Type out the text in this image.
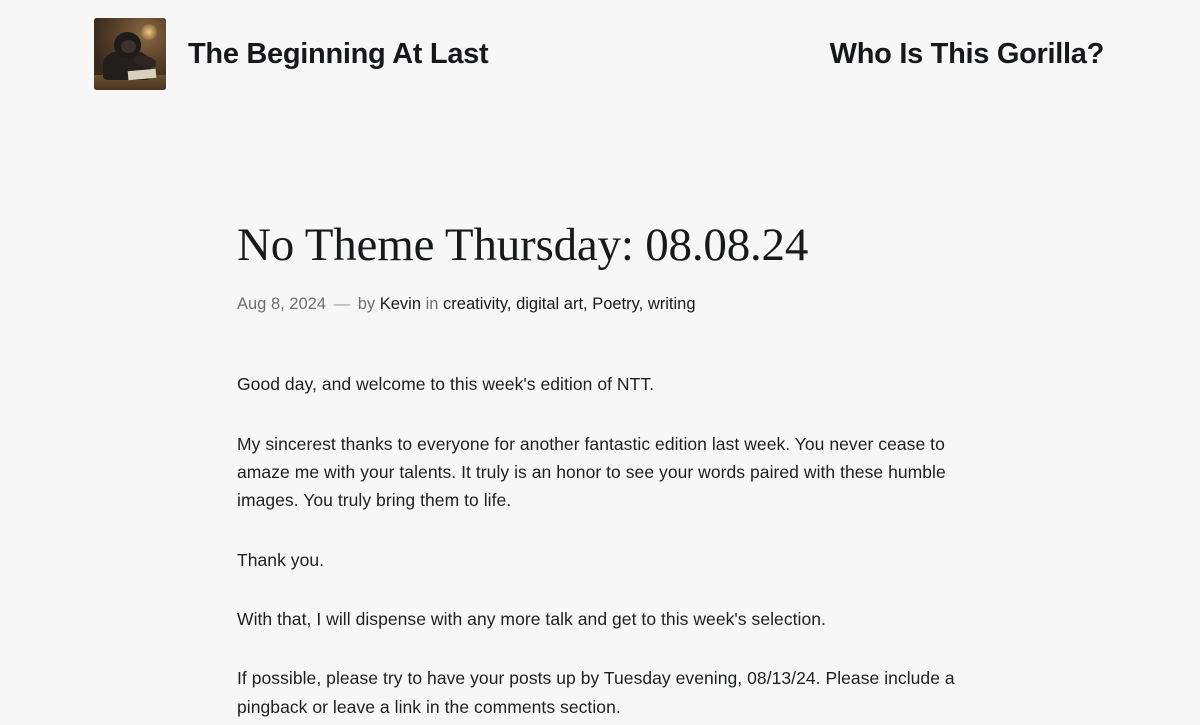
The Beginning At Last	Who Is This Gorilla?
No Theme Thursday: 08.08.24
Aug 8, 2024 — by Kevin in creativity, digital art, Poetry, writing

Good day, and welcome to this week's edition of NTT.

My sincerest thanks to everyone for another fantastic edition last week. You never cease to amaze me with your talents. It truly is an honor to see your words paired with these humble images. You truly bring them to life.

Thank you.

With that, I will dispense with any more talk and get to this week's selection.

If possible, please try to have your posts up by Tuesday evening, 08/13/24. Please include a pingback or leave a link in the comments section.
